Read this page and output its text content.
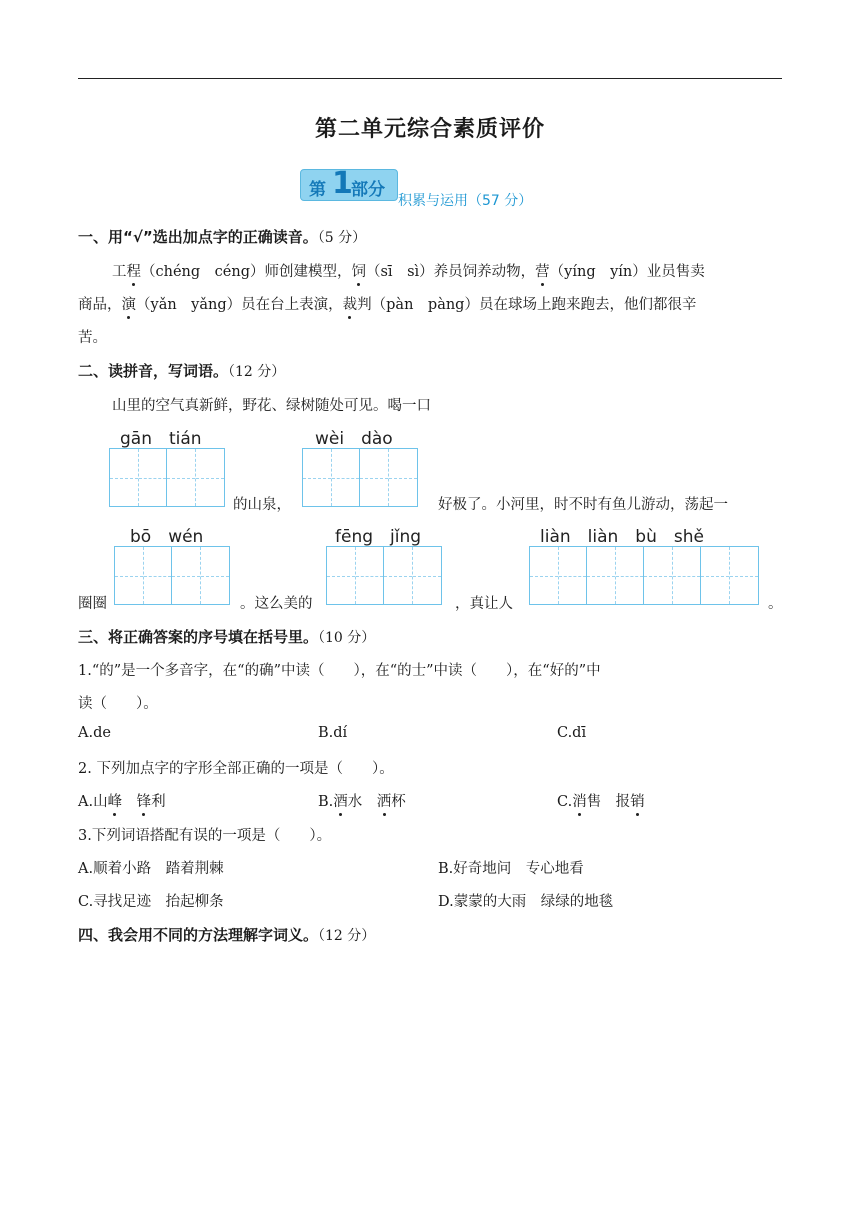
第二单元综合素质评价
第 1
部分
积累与运用（57 分）
一、用“√”选出加点字的正确读音。（5 分）
工程（chéng　céng）师创建模型，饲（sī　sì）养员饲养动物，营（yíng　yín）业员售卖
商品，演（yǎn　yǎng）员在台上表演，裁判（pàn　pàng）员在球场上跑来跑去，他们都很辛
苦。
二、读拼音，写词语。（12 分）
山里的空气真新鲜，野花、绿树随处可见。喝一口
gān　tián
的山泉，
wèi　dào
好极了。小河里，时不时有鱼儿游动，荡起一
bō　wén
圈圈	。这么美的
fēng　jǐng
，真让人
liàn　liàn　bù　shě
。
三、将正确答案的序号填在括号里。（10 分）
1.“的”是一个多音字，在“的确”中读（　　），在“的士”中读（　　），在“好的”中
读（　　）。
A.de	B.dí	C.dī
2. 下列加点字的字形全部正确的一项是（　　）。
A.山峰　 锋利	B.酒水　洒杯	C.消售　报销
3.下列词语搭配有误的一项是（　　）。
A.顺着小路　踏着荆棘	B.好奇地问　专心地看
C.寻找足迹　抬起柳条	D.蒙蒙的大雨　绿绿的地毯
四、我会用不同的方法理解字词义。（12 分）
